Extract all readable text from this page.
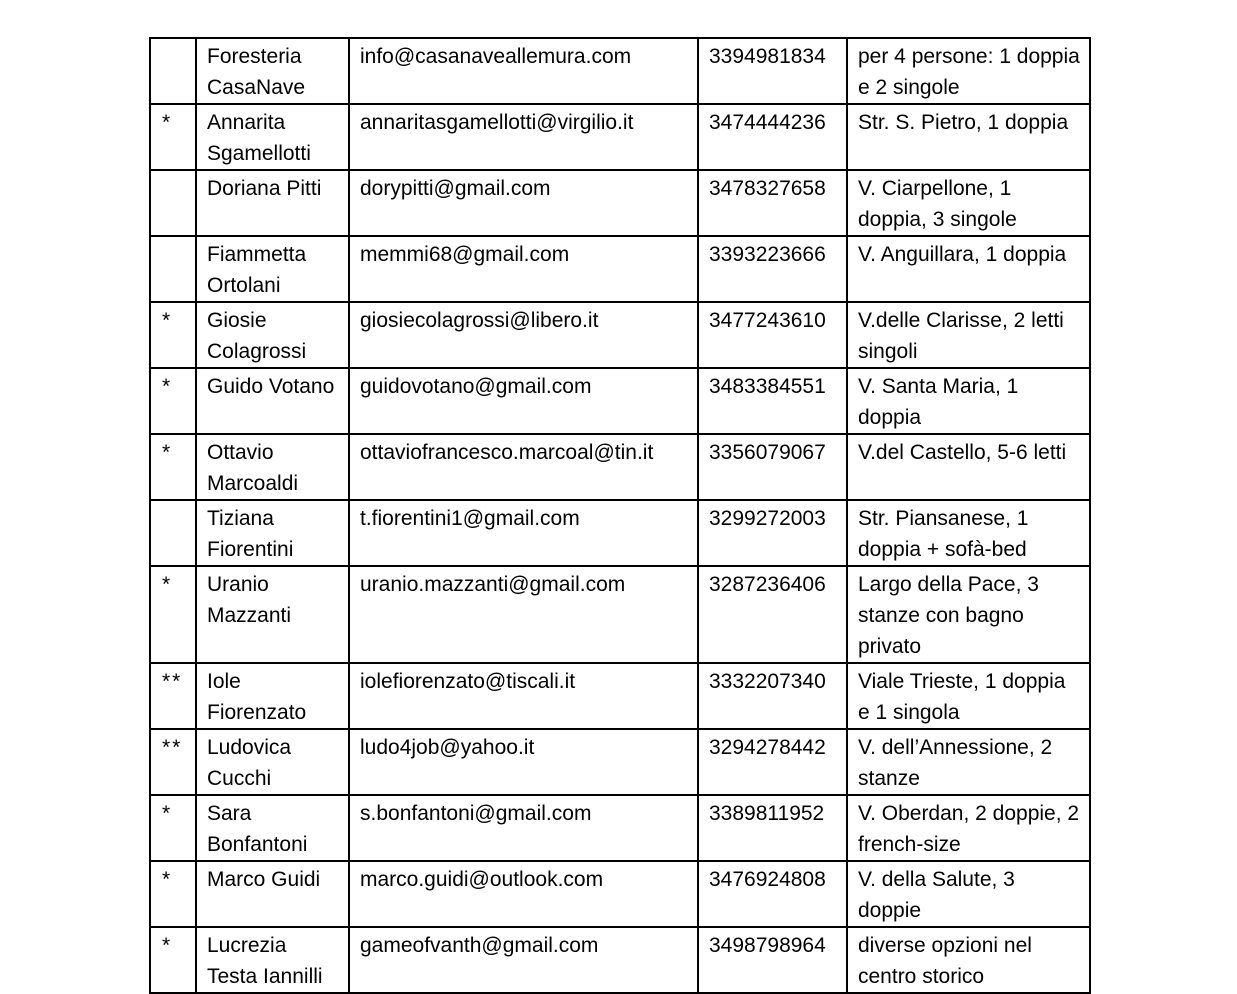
	Foresteria CasaNave	info@casanaveallemura.com	3394981834	per 4 persone: 1 doppia e 2 singole
*	Annarita Sgamellotti	annaritasgamellotti@virgilio.it	3474444236	Str. S. Pietro, 1 doppia
	Doriana Pitti	dorypitti@gmail.com	3478327658	V. Ciarpellone, 1 doppia, 3 singole
	Fiammetta Ortolani	memmi68@gmail.com	3393223666	V. Anguillara, 1 doppia
*	Giosie Colagrossi	giosiecolagrossi@libero.it	3477243610	V.delle Clarisse, 2 letti singoli
*	Guido Votano	guidovotano@gmail.com	3483384551	V. Santa Maria, 1 doppia
*	Ottavio Marcoaldi	ottaviofrancesco.marcoal@tin.it	3356079067	V.del Castello, 5-6 letti
	Tiziana Fiorentini	t.fiorentini1@gmail.com	3299272003	Str. Piansanese, 1 doppia + sofà-bed
*	Uranio Mazzanti	uranio.mazzanti@gmail.com	3287236406	Largo della Pace, 3 stanze con bagno privato
**	Iole Fiorenzato	iolefiorenzato@tiscali.it	3332207340	Viale Trieste, 1 doppia e 1 singola
**	Ludovica Cucchi	ludo4job@yahoo.it	3294278442	V. dell’Annessione, 2 stanze
*	Sara Bonfantoni	s.bonfantoni@gmail.com	3389811952	V. Oberdan, 2 doppie, 2 french-size
*	Marco Guidi	marco.guidi@outlook.com	3476924808	V. della Salute, 3 doppie
*	Lucrezia Testa Iannilli	gameofvanth@gmail.com	3498798964	diverse opzioni nel centro storico
